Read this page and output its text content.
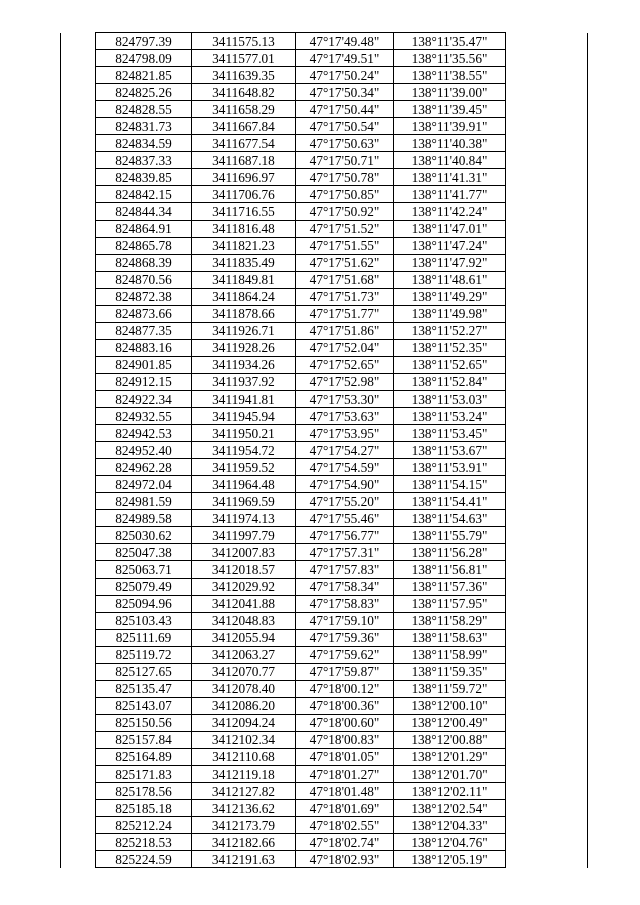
	824797.39	3411575.13	47°17'49.48"	138°11'35.47"	
	824798.09	3411577.01	47°17'49.51"	138°11'35.56"	
	824821.85	3411639.35	47°17'50.24"	138°11'38.55"	
	824825.26	3411648.82	47°17'50.34"	138°11'39.00"	
	824828.55	3411658.29	47°17'50.44"	138°11'39.45"	
	824831.73	3411667.84	47°17'50.54"	138°11'39.91"	
	824834.59	3411677.54	47°17'50.63"	138°11'40.38"	
	824837.33	3411687.18	47°17'50.71"	138°11'40.84"	
	824839.85	3411696.97	47°17'50.78"	138°11'41.31"	
	824842.15	3411706.76	47°17'50.85"	138°11'41.77"	
	824844.34	3411716.55	47°17'50.92"	138°11'42.24"	
	824864.91	3411816.48	47°17'51.52"	138°11'47.01"	
	824865.78	3411821.23	47°17'51.55"	138°11'47.24"	
	824868.39	3411835.49	47°17'51.62"	138°11'47.92"	
	824870.56	3411849.81	47°17'51.68"	138°11'48.61"	
	824872.38	3411864.24	47°17'51.73"	138°11'49.29"	
	824873.66	3411878.66	47°17'51.77"	138°11'49.98"	
	824877.35	3411926.71	47°17'51.86"	138°11'52.27"	
	824883.16	3411928.26	47°17'52.04"	138°11'52.35"	
	824901.85	3411934.26	47°17'52.65"	138°11'52.65"	
	824912.15	3411937.92	47°17'52.98"	138°11'52.84"	
	824922.34	3411941.81	47°17'53.30"	138°11'53.03"	
	824932.55	3411945.94	47°17'53.63"	138°11'53.24"	
	824942.53	3411950.21	47°17'53.95"	138°11'53.45"	
	824952.40	3411954.72	47°17'54.27"	138°11'53.67"	
	824962.28	3411959.52	47°17'54.59"	138°11'53.91"	
	824972.04	3411964.48	47°17'54.90"	138°11'54.15"	
	824981.59	3411969.59	47°17'55.20"	138°11'54.41"	
	824989.58	3411974.13	47°17'55.46"	138°11'54.63"	
	825030.62	3411997.79	47°17'56.77"	138°11'55.79"	
	825047.38	3412007.83	47°17'57.31"	138°11'56.28"	
	825063.71	3412018.57	47°17'57.83"	138°11'56.81"	
	825079.49	3412029.92	47°17'58.34"	138°11'57.36"	
	825094.96	3412041.88	47°17'58.83"	138°11'57.95"	
	825103.43	3412048.83	47°17'59.10"	138°11'58.29"	
	825111.69	3412055.94	47°17'59.36"	138°11'58.63"	
	825119.72	3412063.27	47°17'59.62"	138°11'58.99"	
	825127.65	3412070.77	47°17'59.87"	138°11'59.35"	
	825135.47	3412078.40	47°18'00.12"	138°11'59.72"	
	825143.07	3412086.20	47°18'00.36"	138°12'00.10"	
	825150.56	3412094.24	47°18'00.60"	138°12'00.49"	
	825157.84	3412102.34	47°18'00.83"	138°12'00.88"	
	825164.89	3412110.68	47°18'01.05"	138°12'01.29"	
	825171.83	3412119.18	47°18'01.27"	138°12'01.70"	
	825178.56	3412127.82	47°18'01.48"	138°12'02.11"	
	825185.18	3412136.62	47°18'01.69"	138°12'02.54"	
	825212.24	3412173.79	47°18'02.55"	138°12'04.33"	
	825218.53	3412182.66	47°18'02.74"	138°12'04.76"	
	825224.59	3412191.63	47°18'02.93"	138°12'05.19"	
